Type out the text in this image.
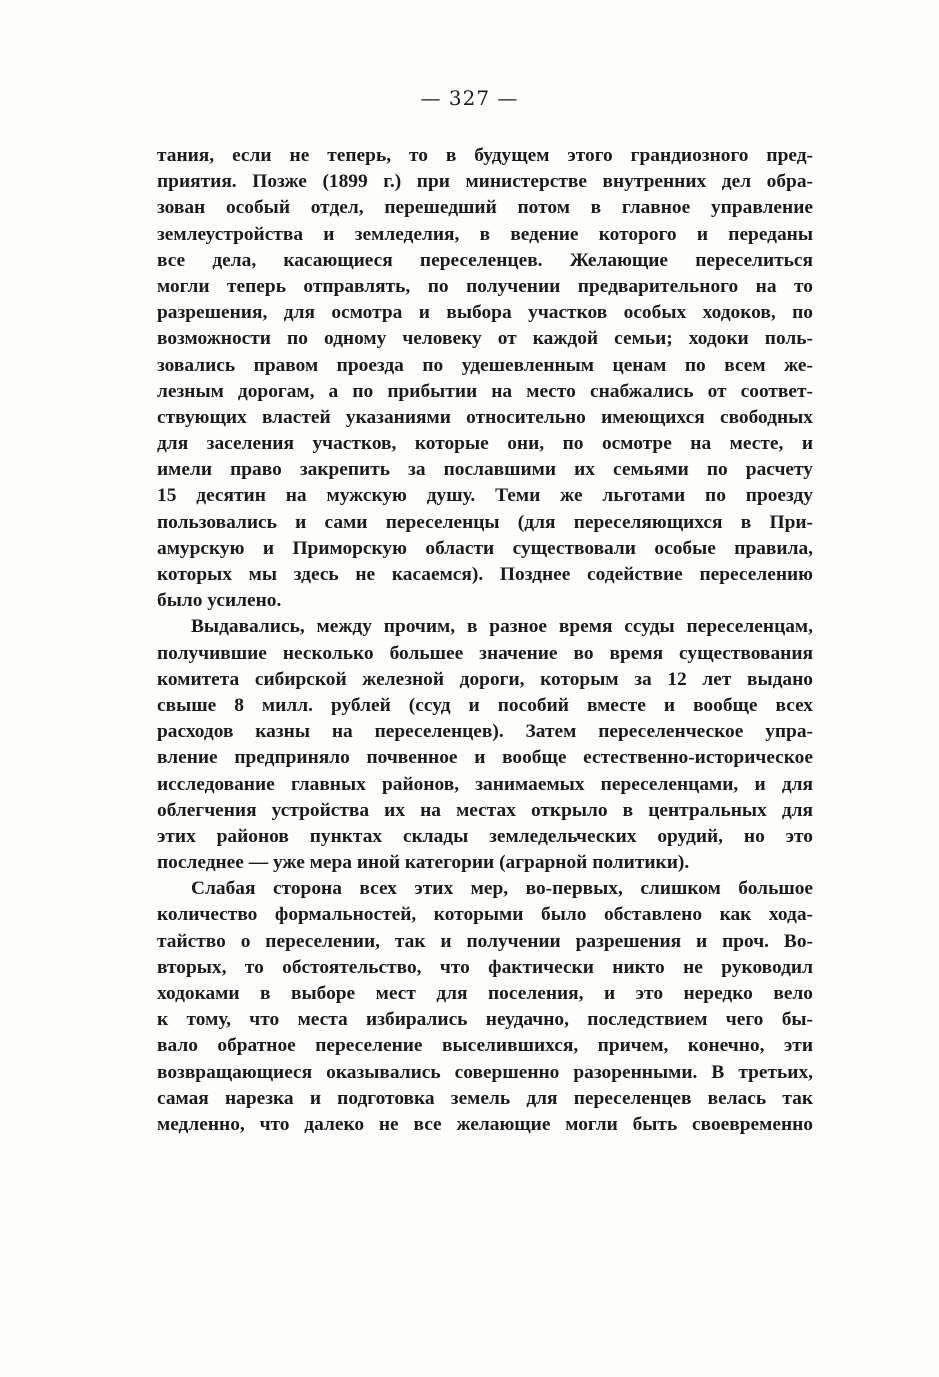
— 327 —
тания, если не теперь, то в будущем этого грандиозного пред-
приятия. Позже (1899 г.) при министерстве внутренних дел обра-
зован особый отдел, перешедший потом в главное управление
землеустройства и земледелия, в ведение которого и переданы
все дела, касающиеся переселенцев. Желающие переселиться
могли теперь отправлять, по получении предварительного на то
разрешения, для осмотра и выбора участков особых ходоков, по
возможности по одному человеку от каждой семьи; ходоки поль-
зовались правом проезда по удешевленным ценам по всем же-
лезным дорогам, а по прибытии на место снабжались от соответ-
ствующих властей указаниями относительно имеющихся свободных
для заселения участков, которые они, по осмотре на месте, и
имели право закрепить за пославшими их семьями по расчету
15 десятин на мужскую душу. Теми же льготами по проезду
пользовались и сами переселенцы (для переселяющихся в При-
амурскую и Приморскую области существовали особые правила,
которых мы здесь не касаемся). Позднее содействие переселению
было усилено.
Выдавались, между прочим, в разное время ссуды переселенцам,
получившие несколько большее значение во время существования
комитета сибирской железной дороги, которым за 12 лет выдано
свыше 8 милл. рублей (ссуд и пособий вместе и вообще всех
расходов казны на переселенцев). Затем переселенческое упра-
вление предприняло почвенное и вообще естественно-историческое
исследование главных районов, занимаемых переселенцами, и для
облегчения устройства их на местах открыло в центральных для
этих районов пунктах склады земледельческих орудий, но это
последнее — уже мера иной категории (аграрной политики).
Слабая сторона всех этих мер, во-первых, слишком большое
количество формальностей, которыми было обставлено как хода-
тайство о переселении, так и получении разрешения и проч. Во-
вторых, то обстоятельство, что фактически никто не руководил
ходоками в выборе мест для поселения, и это нередко вело
к тому, что места избирались неудачно, последствием чего бы-
вало обратное переселение выселившихся, причем, конечно, эти
возвращающиеся оказывались совершенно разоренными. В третьих,
самая нарезка и подготовка земель для переселенцев велась так
медленно, что далеко не все желающие могли быть своевременно
